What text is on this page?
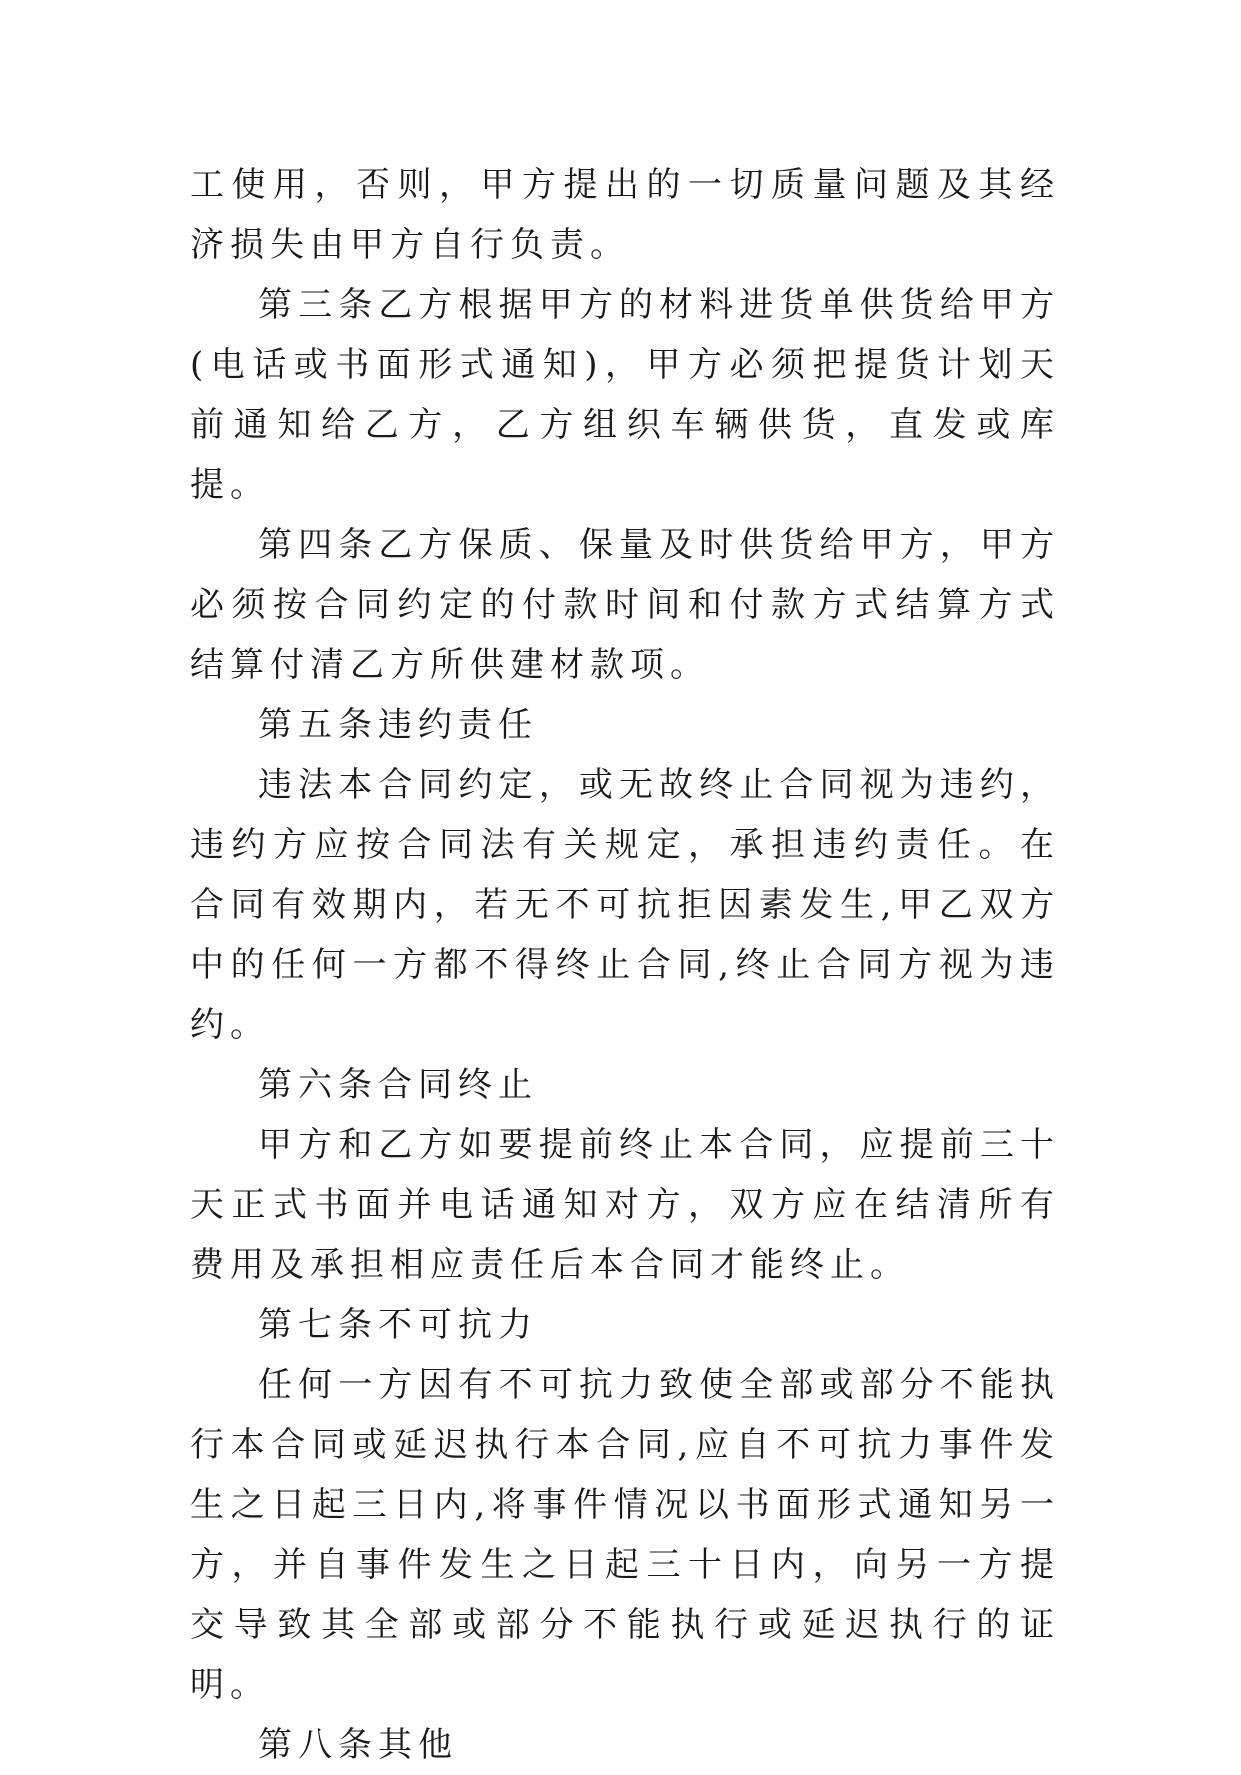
工使用，否则，甲方提出的一切质量问题及其经济损失由甲方自行负责。

第三条乙方根据甲方的材料进货单供货给甲方(电话或书面形式通知)，甲方必须把提货计划天前通知给乙方，乙方组织车辆供货，直发或库提。

第四条乙方保质、保量及时供货给甲方，甲方必须按合同约定的付款时间和付款方式结算方式结算付清乙方所供建材款项。

第五条违约责任

违法本合同约定，或无故终止合同视为违约，违约方应按合同法有关规定，承担违约责任。在合同有效期内，若无不可抗拒因素发生,甲乙双方中的任何一方都不得终止合同,终止合同方视为违约。

第六条合同终止

甲方和乙方如要提前终止本合同，应提前三十天正式书面并电话通知对方，双方应在结清所有费用及承担相应责任后本合同才能终止。

第七条不可抗力

任何一方因有不可抗力致使全部或部分不能执行本合同或延迟执行本合同,应自不可抗力事件发生之日起三日内,将事件情况以书面形式通知另一方，并自事件发生之日起三十日内，向另一方提交导致其全部或部分不能执行或延迟执行的证明。

第八条其他
